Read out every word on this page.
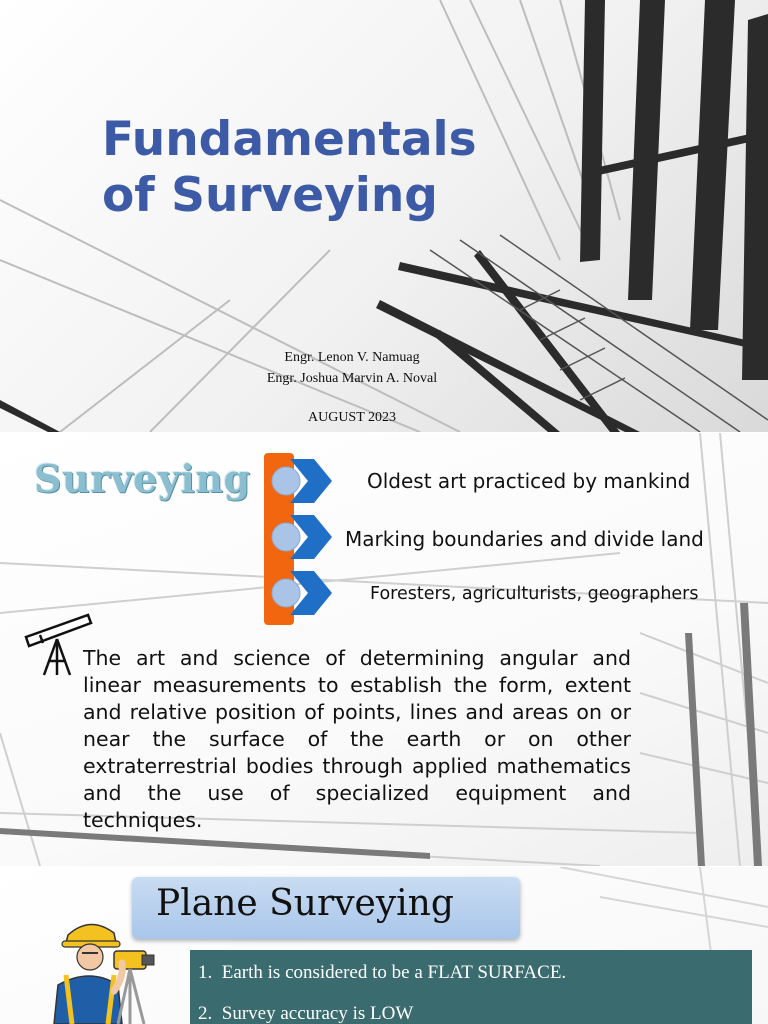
Fundamentals
of Surveying
Engr. Lenon V. Namuag
Engr. Joshua Marvin A. Noval
AUGUST 2023
Surveying	Oldest art practiced by mankind
Marking boundaries and divide land
Foresters, agriculturists, geographers

The art and science of determining angular and linear measurements to establish the form, extent and relative position of points, lines and areas on or near the surface of the earth or on other extraterrestrial bodies through applied mathematics and the use of specialized equipment and techniques.

Plane Surveying
1.  Earth is considered to be a FLAT SURFACE.
2.  Survey accuracy is LOW
